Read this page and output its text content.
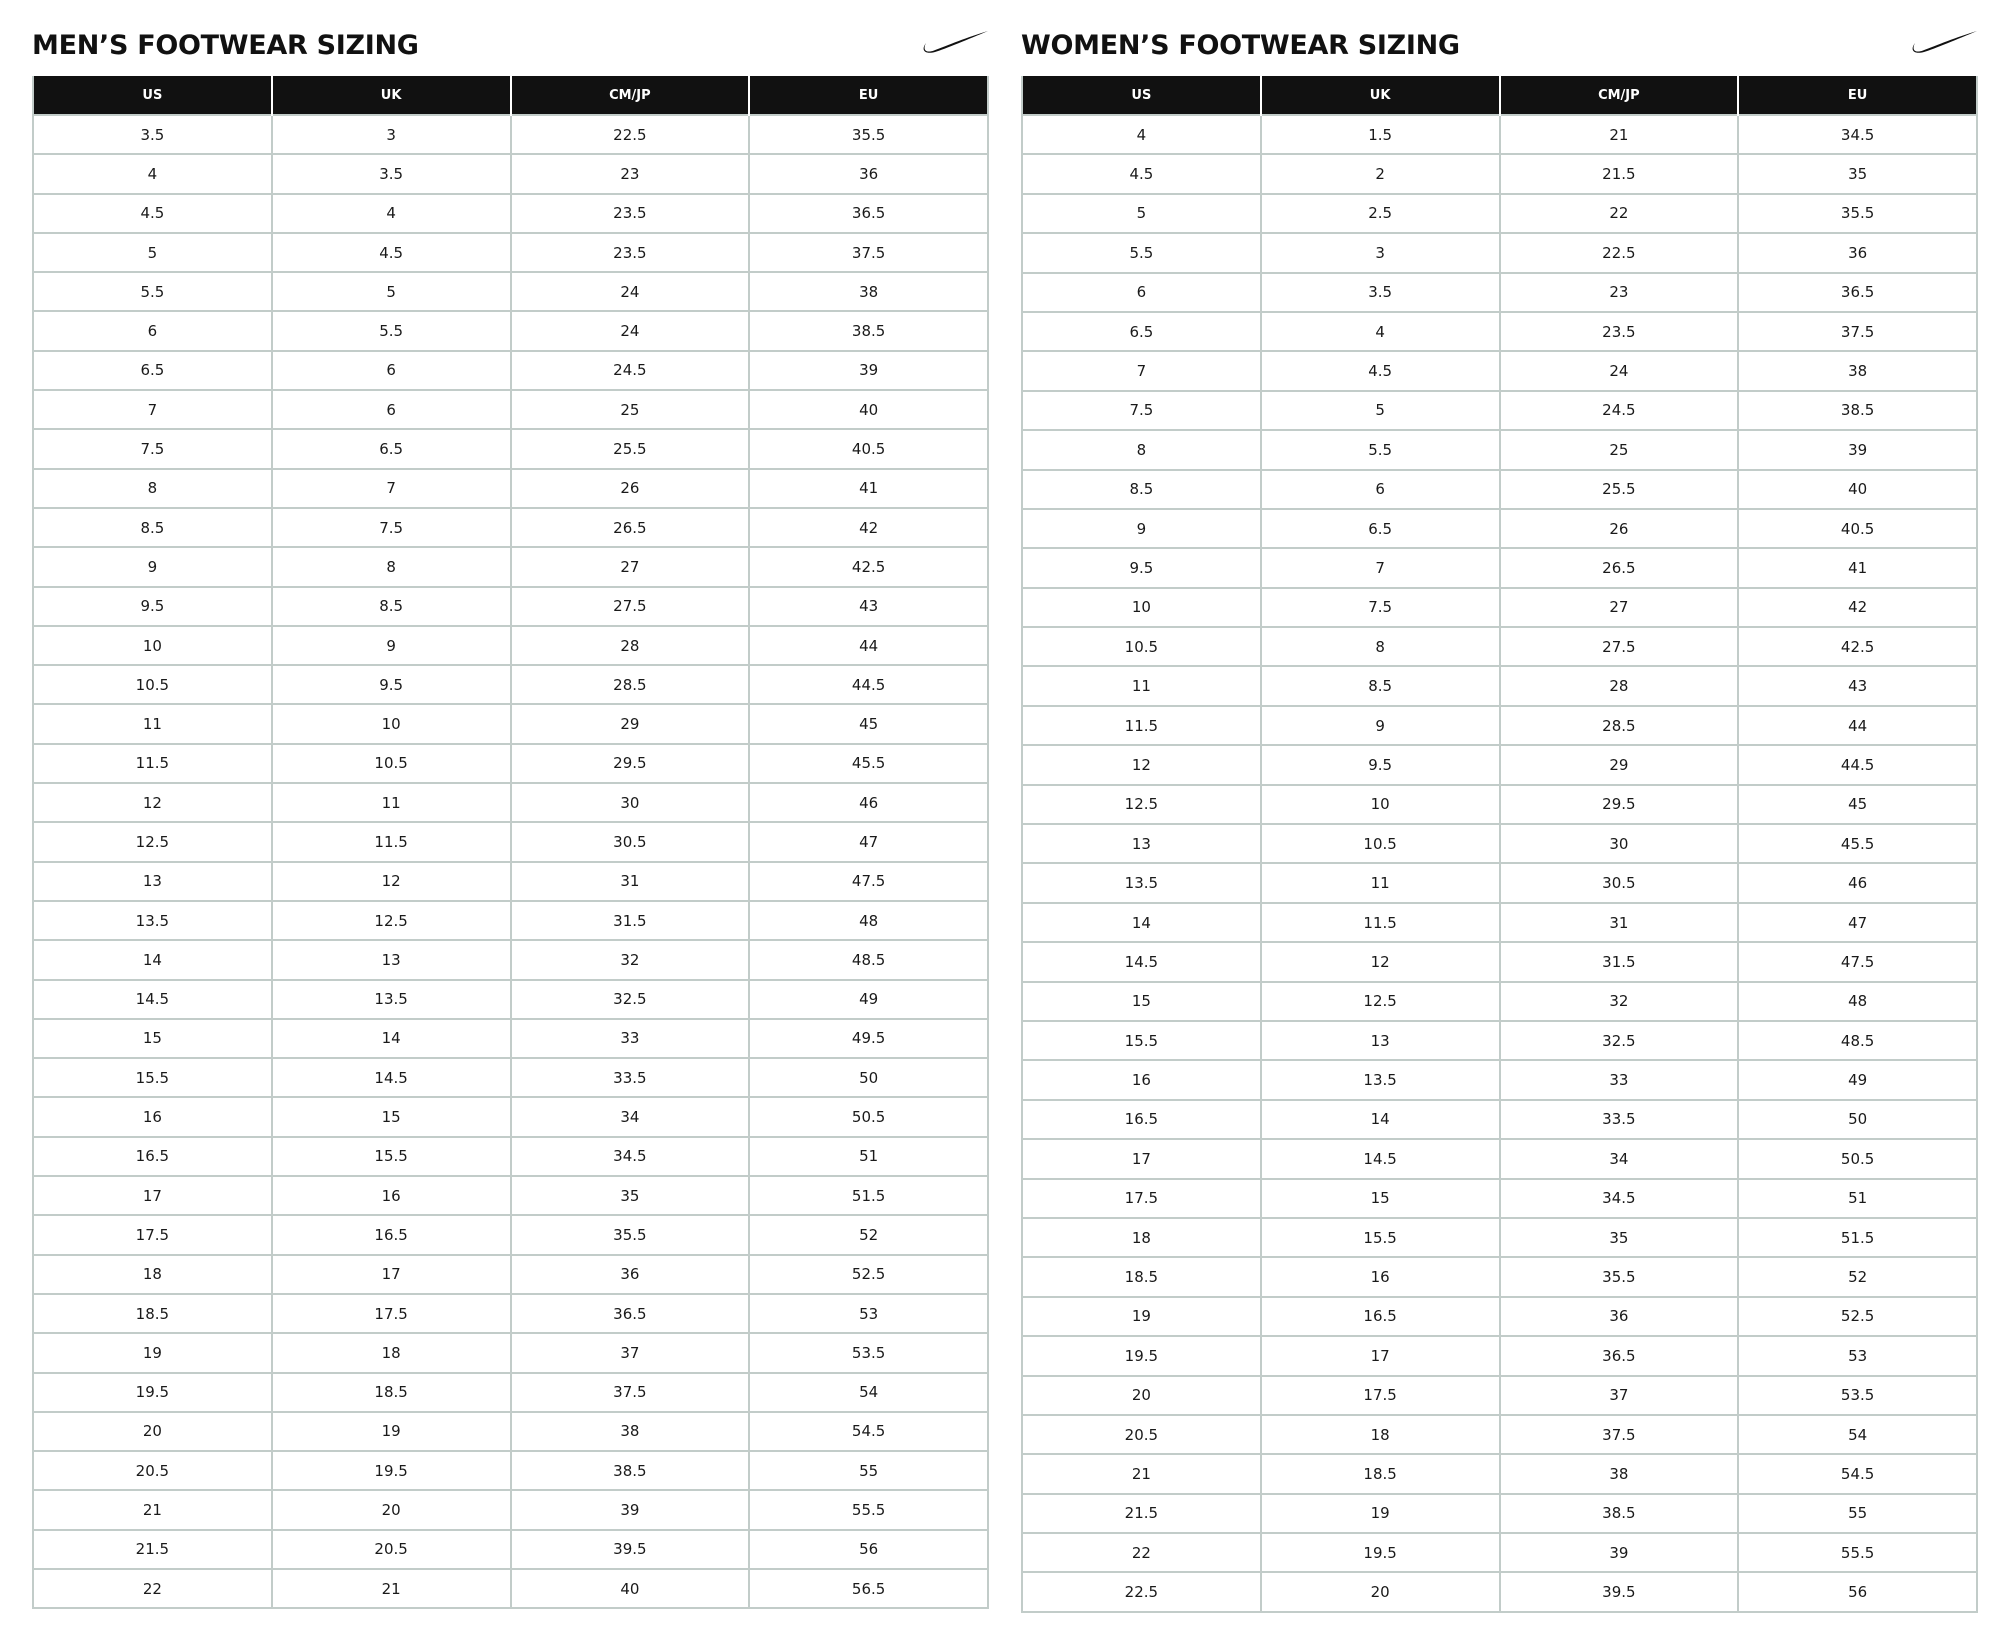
MEN’S FOOTWEAR SIZING
US	UK	CM/JP	EU
3.5	3	22.5	35.5
4	3.5	23	36
4.5	4	23.5	36.5
5	4.5	23.5	37.5
5.5	5	24	38
6	5.5	24	38.5
6.5	6	24.5	39
7	6	25	40
7.5	6.5	25.5	40.5
8	7	26	41
8.5	7.5	26.5	42
9	8	27	42.5
9.5	8.5	27.5	43
10	9	28	44
10.5	9.5	28.5	44.5
11	10	29	45
11.5	10.5	29.5	45.5
12	11	30	46
12.5	11.5	30.5	47
13	12	31	47.5
13.5	12.5	31.5	48
14	13	32	48.5
14.5	13.5	32.5	49
15	14	33	49.5
15.5	14.5	33.5	50
16	15	34	50.5
16.5	15.5	34.5	51
17	16	35	51.5
17.5	16.5	35.5	52
18	17	36	52.5
18.5	17.5	36.5	53
19	18	37	53.5
19.5	18.5	37.5	54
20	19	38	54.5
20.5	19.5	38.5	55
21	20	39	55.5
21.5	20.5	39.5	56
22	21	40	56.5
WOMEN’S FOOTWEAR SIZING
US	UK	CM/JP	EU
4	1.5	21	34.5
4.5	2	21.5	35
5	2.5	22	35.5
5.5	3	22.5	36
6	3.5	23	36.5
6.5	4	23.5	37.5
7	4.5	24	38
7.5	5	24.5	38.5
8	5.5	25	39
8.5	6	25.5	40
9	6.5	26	40.5
9.5	7	26.5	41
10	7.5	27	42
10.5	8	27.5	42.5
11	8.5	28	43
11.5	9	28.5	44
12	9.5	29	44.5
12.5	10	29.5	45
13	10.5	30	45.5
13.5	11	30.5	46
14	11.5	31	47
14.5	12	31.5	47.5
15	12.5	32	48
15.5	13	32.5	48.5
16	13.5	33	49
16.5	14	33.5	50
17	14.5	34	50.5
17.5	15	34.5	51
18	15.5	35	51.5
18.5	16	35.5	52
19	16.5	36	52.5
19.5	17	36.5	53
20	17.5	37	53.5
20.5	18	37.5	54
21	18.5	38	54.5
21.5	19	38.5	55
22	19.5	39	55.5
22.5	20	39.5	56
